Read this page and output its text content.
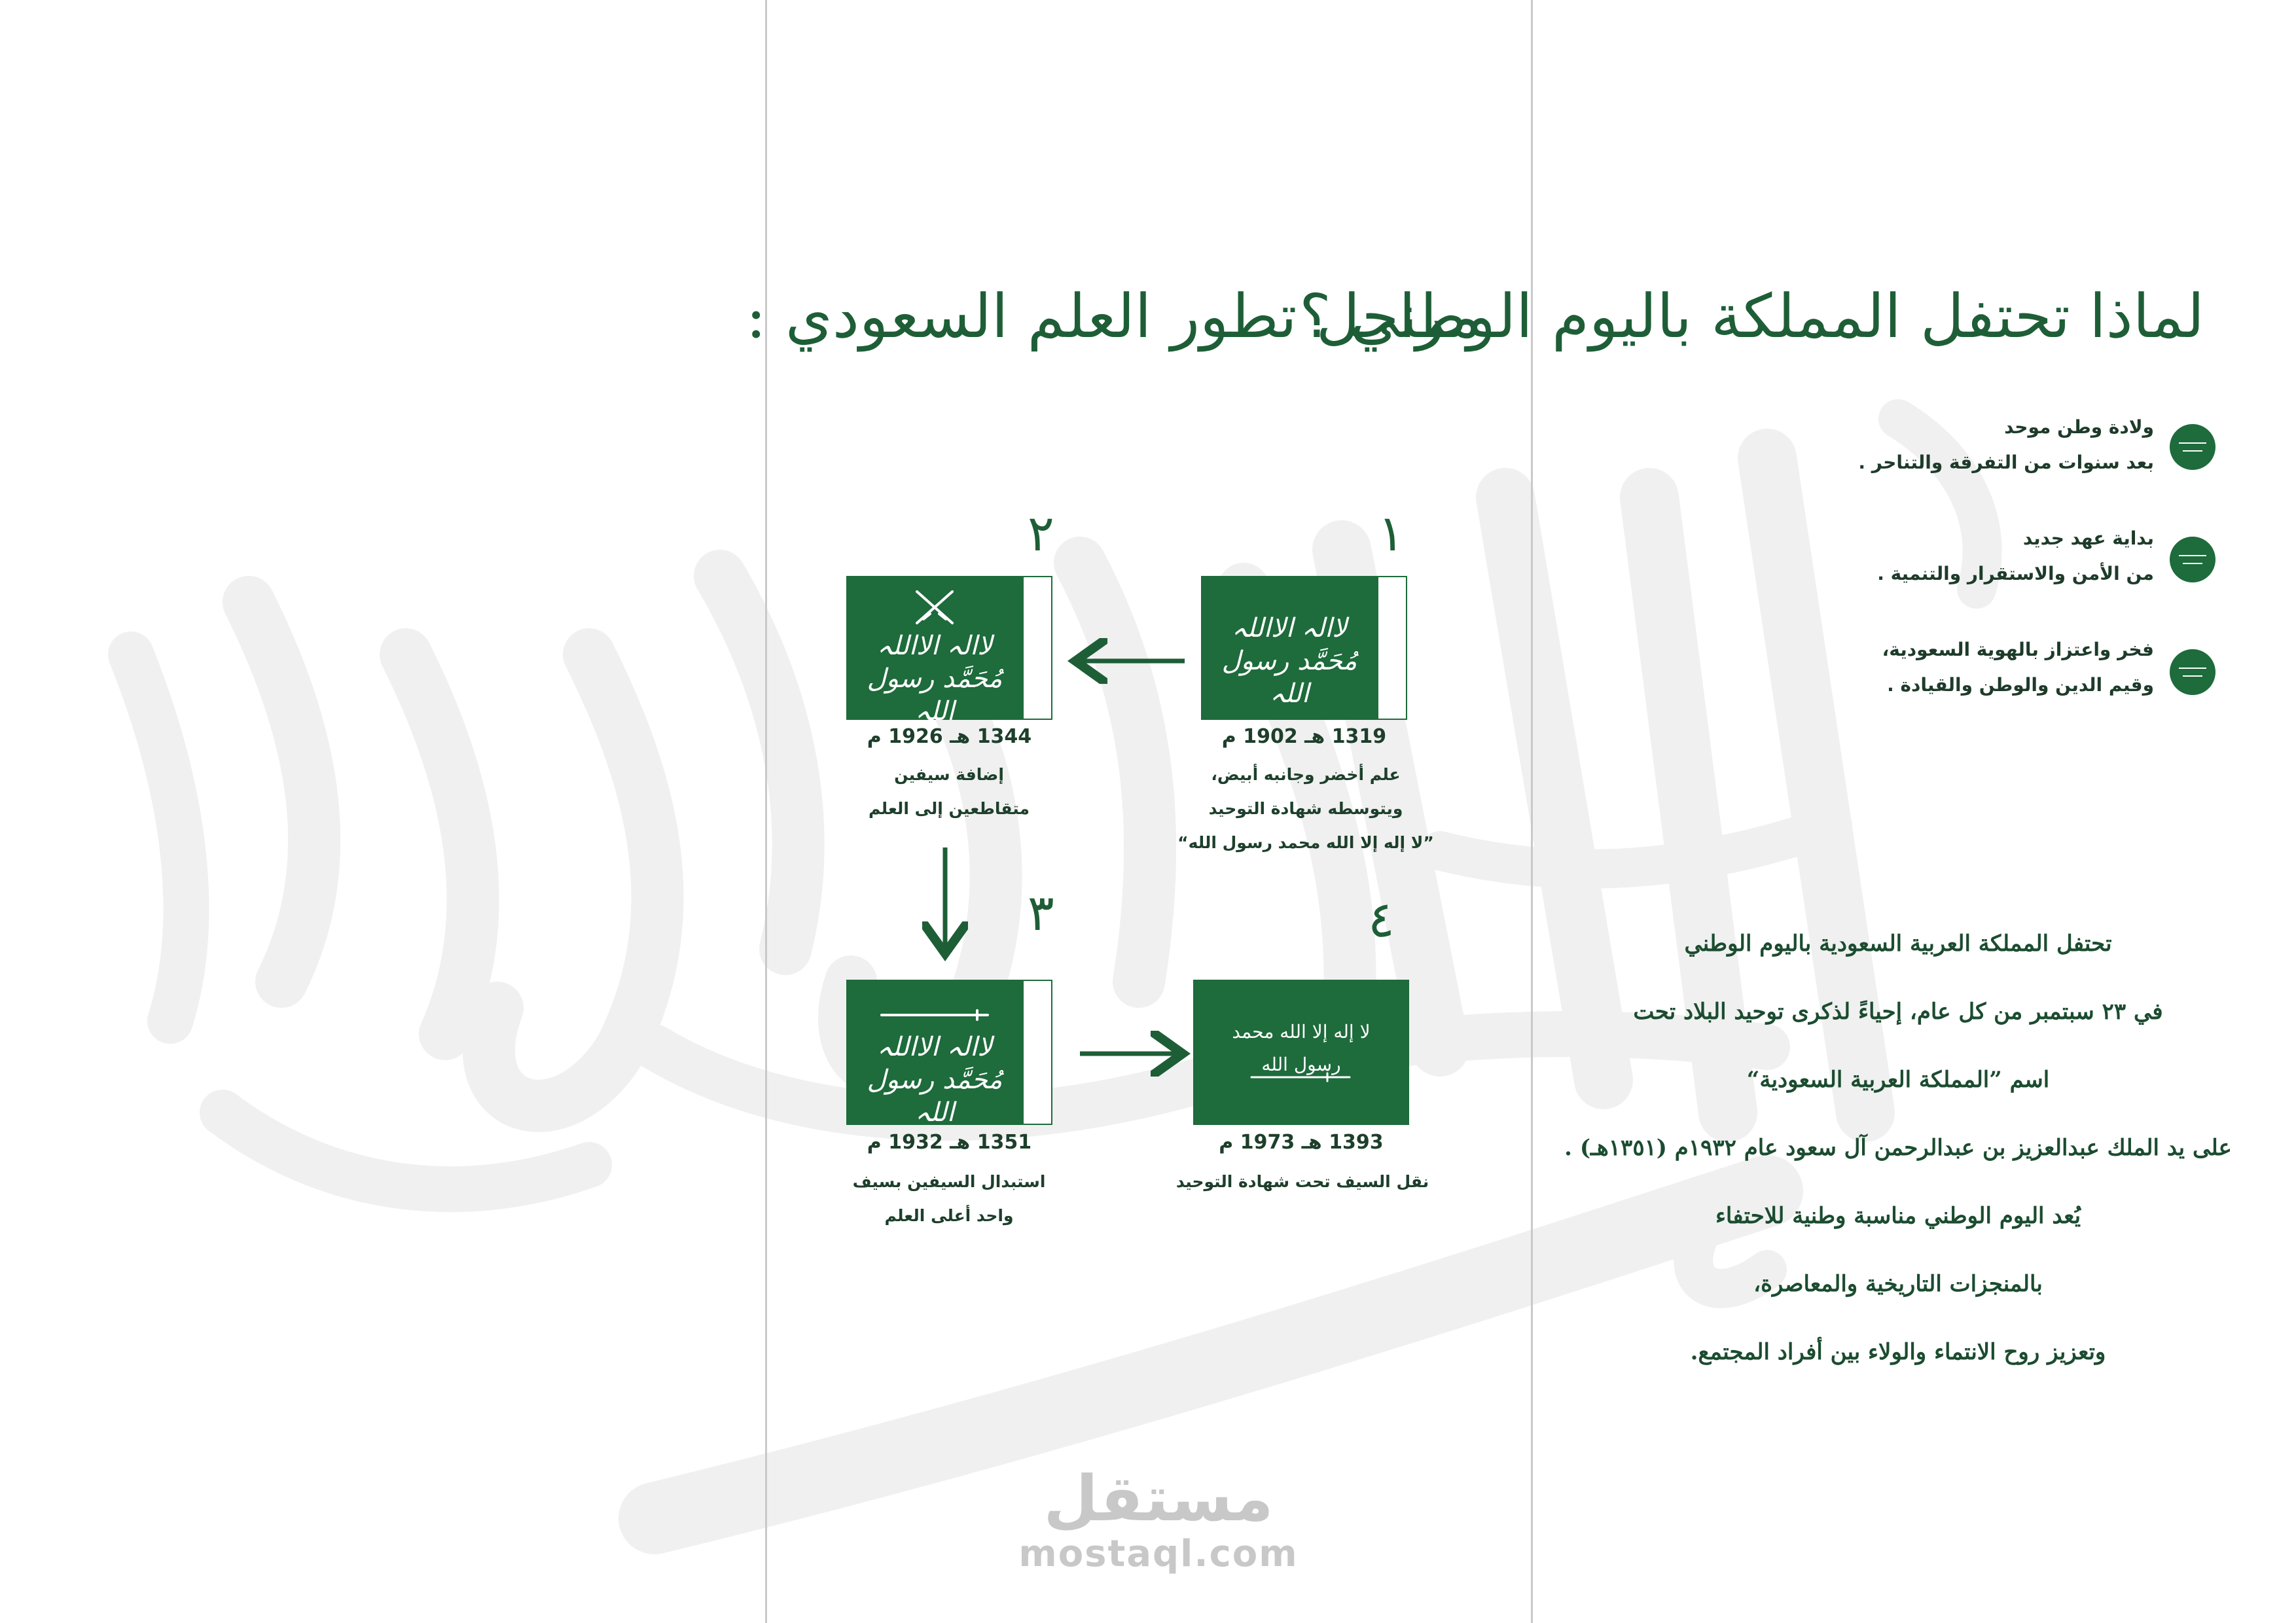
لماذا تحتفل المملكة باليوم الوطني ؟
ولادة وطن موحد
بعد سنوات من التفرقة والتناحر .
بداية عهد جديد
من الأمن والاستقرار والتنمية .
فخر واعتزاز بالهوية السعودية،
وقيم الدين والوطن والقيادة .
تحتفل المملكة العربية السعودية باليوم الوطني
في ٢٣ سبتمبر من كل عام، إحياءً لذكرى توحيد البلاد تحت
اسم ”المملكة العربية السعودية“
على يد الملك عبدالعزيز بن عبدالرحمن آل سعود عام ١٩٣٢م (١٣٥١هـ) .
يُعد اليوم الوطني مناسبة وطنية للاحتفاء
بالمنجزات التاريخية والمعاصرة،
وتعزيز روح الانتماء والولاء بين أفراد المجتمع.
مراحل تطور العلم السعودي :
١
٢
٣	٤
لاالہ الااللہ
مُحَمَّد رسول اللہ
لاالہ الااللہ
مُحَمَّد رسول اللہ
لاالہ الااللہ
مُحَمَّد رسول اللہ
لا إله إلا الله محمد رسول الله
1319 هـ 1902 م
1344 هـ 1926 م
1351 هـ 1932 م	1393 هـ 1973 م
علم أخضر وجانبه أبيض،
ويتوسطه شهادة التوحيد
”لا إله إلا الله محمد رسول الله“
إضافة سيفين
متقاطعين إلى العلم
استبدال السيفين بسيف
واحد أعلى العلم
نقل السيف تحت شهادة التوحيد
مستقل
mostaql.com
